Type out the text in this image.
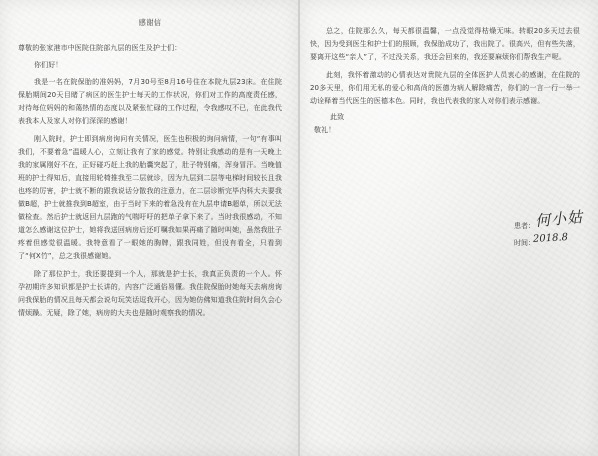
感谢信
尊敬的张家港市中医院住院部九层的医生及护士们：
你们好！

我是一名在院保胎的准妈妈，7月30号至8月16号住在本院九层23床。在住院保胎期间20天目睹了病区的医生护士每天的工作状况，你们对工作的高度责任感，对待每位妈妈的和蔼热情的态度以及紧张忙碌的工作过程，令我感叹不已，在此我代表我本人及家人对你们深深的感谢！

刚入院时，护士即到病房询问有关情况，医生也积极的询问病情，一句“有事叫我们，不要着急”温暖人心，立刻让我有了家的感觉。特别让我感动的是有一天晚上我的家属刚好不在，正好碰巧赶上我的胎囊突起了，肚子特别痛，浑身冒汗。当晚值班的护士得知后，直接用轮椅推我至二层就诊，因为九层到二层等电梯时间较长且我也疼的厉害，护士就不断的跟我说话分散我的注意力，在二层诊断完毕内科大夫要我做B超，护士就推我到B超室，由于当时下来的着急没有在九层申请B超单，所以无法做检查。然后护士就返回九层跑的气喘吁吁的把单子拿下来了。当时我很感动，不知道怎么感谢这位护士，她将我送回病房后还叮嘱我如果再痛了随时叫她，虽然我肚子疼着但感觉很温暖。我特意看了一眼她的胸牌，跟我同姓，但没有看全，只看到了“何X竹”，总之我很感谢她。

除了那位护士，我还要提到一个人，那就是护士长，我真正负责的一个人。怀孕初期许多知识都是护士长讲的，内容广泛通俗易懂。我住院保胎时她每天去病房询问我保胎的情况且每天都会说句玩笑话逗我开心，因为她仿佛知道我住院时间久会心情烦躁。无疑，除了她，病房的大夫也是随时观察我的情况。

总之，住院那么久，每天都很温馨，一点没觉得枯燥无味。转眼20多天过去很快，因为受到医生和护士们的照顾，我保胎成功了，我出院了。很高兴，但有些失落，要离开这些“亲人”了，不过没关系，我还会回来的，我还要麻烦你们帮我生产呢。

此刻，我怀着激动的心情表达对贵院九层的全体医护人员衷心的感谢，在住院的20多天里，你们用无私的爱心和高尚的医德为病人解除痛苦，你们的一言一行一举一动诠释着当代医生的医德本色。同时，我也代表我的家人对你们表示感谢。

此致
敬礼！
患者： 何小姑
时间：
2018.8
